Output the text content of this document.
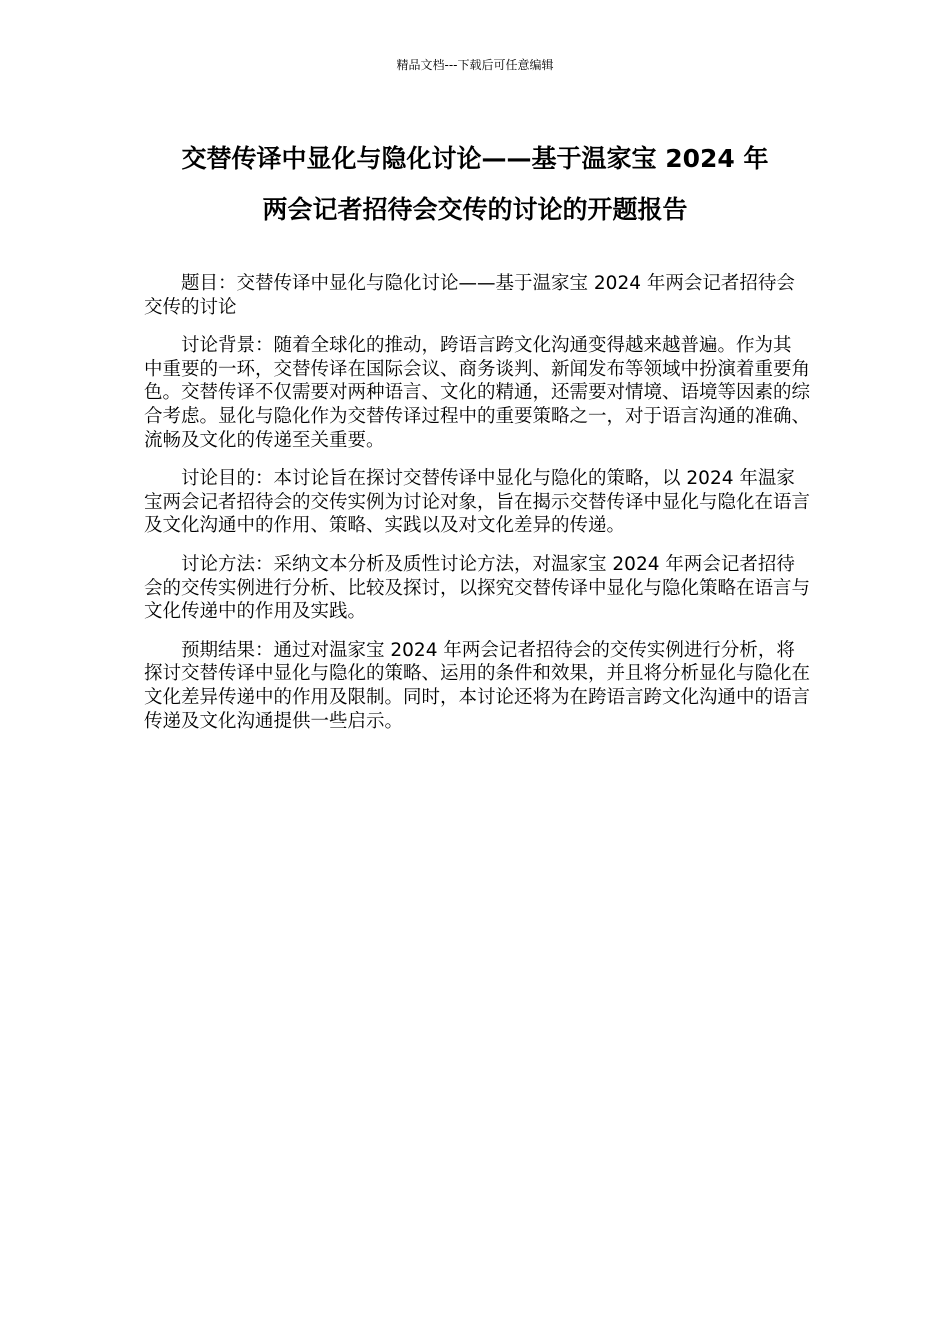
精品文档---下载后可任意编辑
交替传译中显化与隐化讨论——基于温家宝 2024 年
两会记者招待会交传的讨论的开题报告

题目：交替传译中显化与隐化讨论——基于温家宝 2024 年两会记者招待会交传的讨论

讨论背景：随着全球化的推动，跨语言跨文化沟通变得越来越普遍。作为其中重要的一环，交替传译在国际会议、商务谈判、新闻发布等领域中扮演着重要角色。交替传译不仅需要对两种语言、文化的精通，还需要对情境、语境等因素的综合考虑。显化与隐化作为交替传译过程中的重要策略之一，对于语言沟通的准确、流畅及文化的传递至关重要。

讨论目的：本讨论旨在探讨交替传译中显化与隐化的策略，以 2024 年温家宝两会记者招待会的交传实例为讨论对象，旨在揭示交替传译中显化与隐化在语言及文化沟通中的作用、策略、实践以及对文化差异的传递。

讨论方法：采纳文本分析及质性讨论方法，对温家宝 2024 年两会记者招待会的交传实例进行分析、比较及探讨，以探究交替传译中显化与隐化策略在语言与文化传递中的作用及实践。

预期结果：通过对温家宝 2024 年两会记者招待会的交传实例进行分析，将探讨交替传译中显化与隐化的策略、运用的条件和效果，并且将分析显化与隐化在文化差异传递中的作用及限制。同时，本讨论还将为在跨语言跨文化沟通中的语言传递及文化沟通提供一些启示。
